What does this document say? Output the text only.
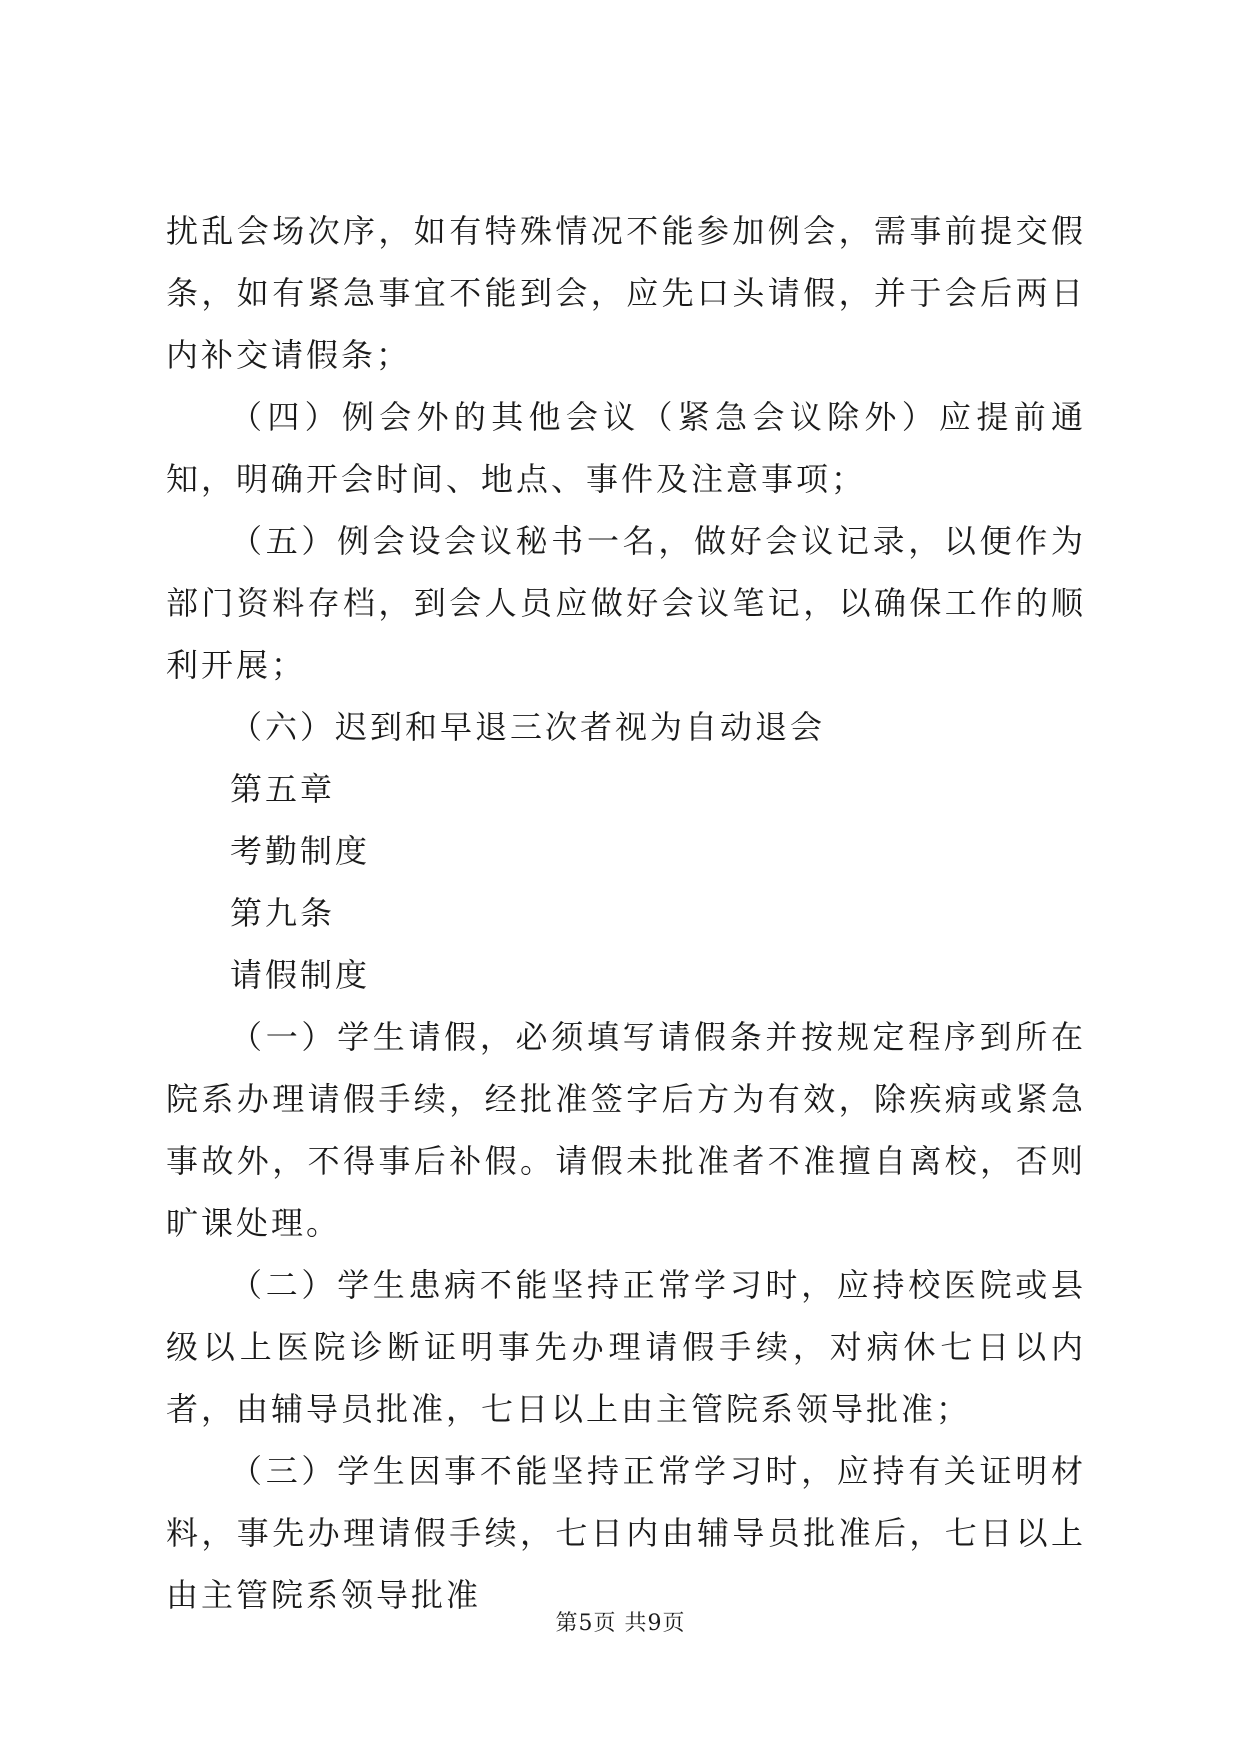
扰乱会场次序，如有特殊情况不能参加例会，需事前提交假条，如有紧急事宜不能到会，应先口头请假，并于会后两日内补交请假条；

（四）例会外的其他会议（紧急会议除外）应提前通知，明确开会时间、地点、事件及注意事项；

（五）例会设会议秘书一名，做好会议记录，以便作为部门资料存档，到会人员应做好会议笔记，以确保工作的顺利开展；

（六）迟到和早退三次者视为自动退会

第五章

考勤制度

第九条

请假制度

（一）学生请假，必须填写请假条并按规定程序到所在院系办理请假手续，经批准签字后方为有效，除疾病或紧急事故外，不得事后补假。请假未批准者不准擅自离校，否则旷课处理。

（二）学生患病不能坚持正常学习时，应持校医院或县级以上医院诊断证明事先办理请假手续，对病休七日以内者，由辅导员批准，七日以上由主管院系领导批准；

（三）学生因事不能坚持正常学习时，应持有关证明材料，事先办理请假手续，七日内由辅导员批准后，七日以上由主管院系领导批准

第5页 共9页
